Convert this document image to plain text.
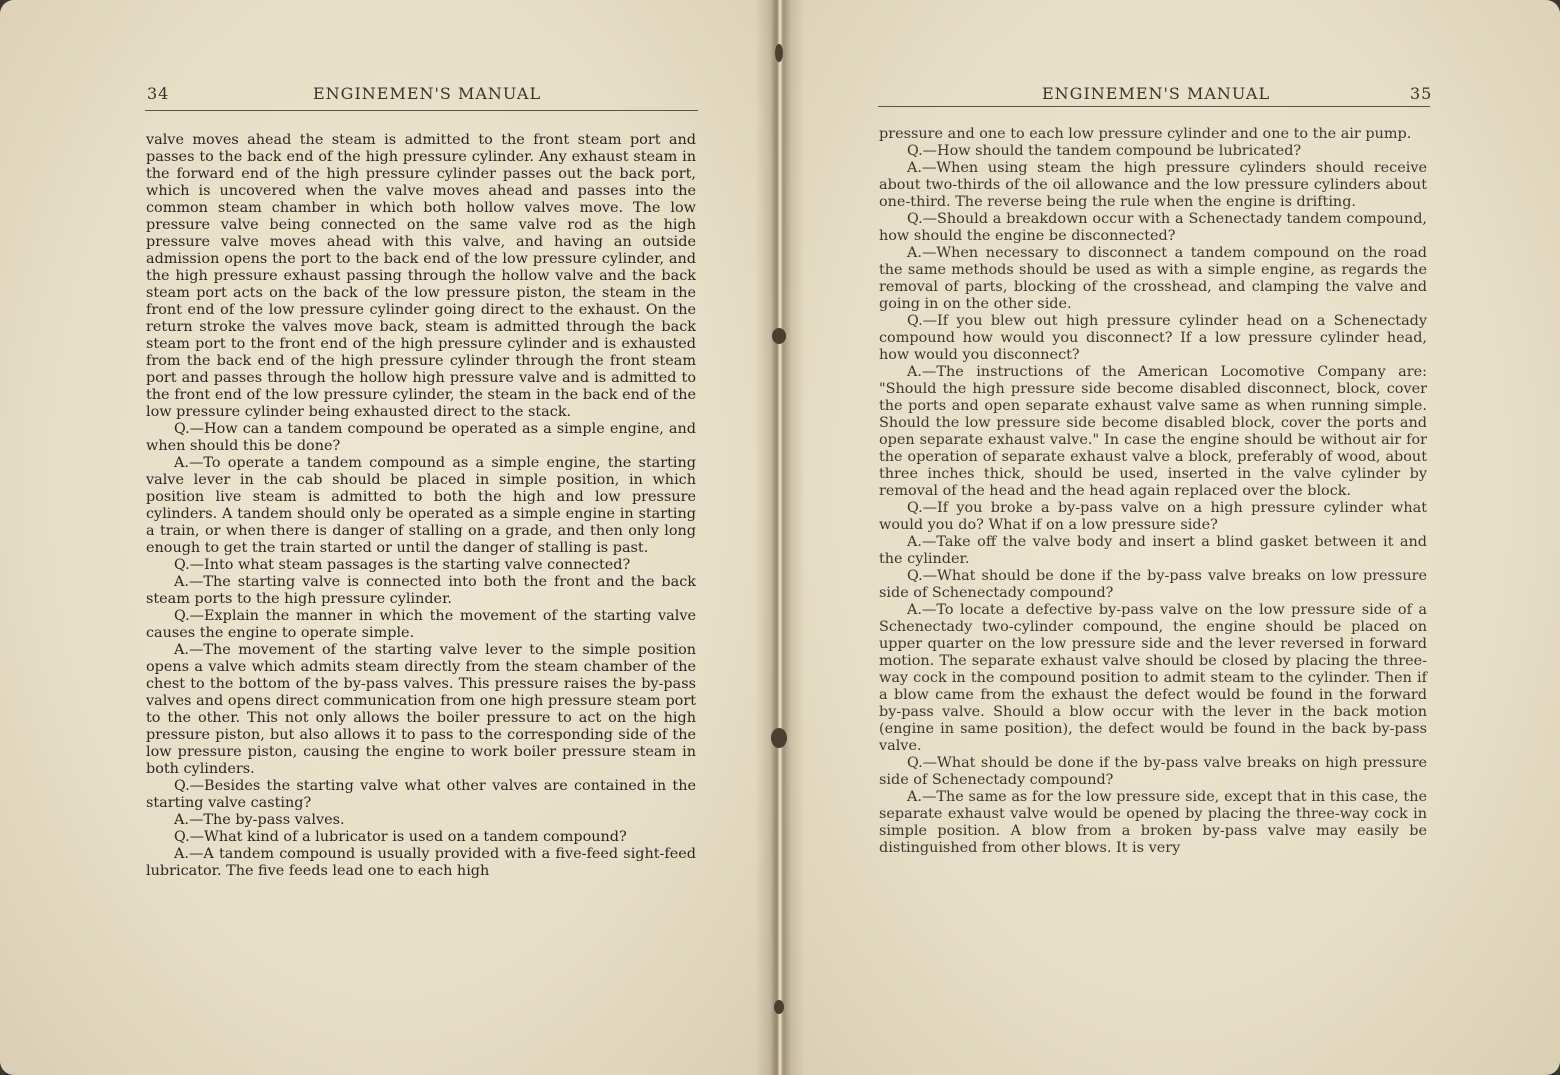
34	ENGINEMEN'S MANUAL

valve moves ahead the steam is admitted to the front steam port and passes to the back end of the high pressure cylinder. Any exhaust steam in the forward end of the high pressure cylinder passes out the back port, which is uncovered when the valve moves ahead and passes into the common steam chamber in which both hollow valves move. The low pressure valve being connected on the same valve rod as the high pressure valve moves ahead with this valve, and having an outside admission opens the port to the back end of the low pressure cylinder, and the high pressure exhaust passing through the hollow valve and the back steam port acts on the back of the low pressure piston, the steam in the front end of the low pressure cylinder going direct to the exhaust. On the return stroke the valves move back, steam is admitted through the back steam port to the front end of the high pressure cylinder and is exhausted from the back end of the high pressure cylinder through the front steam port and passes through the hollow high pressure valve and is admitted to the front end of the low pressure cylinder, the steam in the back end of the low pressure cylinder being exhausted direct to the stack.

Q.—How can a tandem compound be operated as a simple engine, and when should this be done?

A.—To operate a tandem compound as a simple engine, the starting valve lever in the cab should be placed in simple position, in which position live steam is admitted to both the high and low pressure cylinders. A tandem should only be operated as a simple engine in starting a train, or when there is danger of stalling on a grade, and then only long enough to get the train started or until the danger of stalling is past.

Q.—Into what steam passages is the starting valve connected?

A.—The starting valve is connected into both the front and the back steam ports to the high pressure cylinder.

Q.—Explain the manner in which the movement of the starting valve causes the engine to operate simple.

A.—The movement of the starting valve lever to the simple position opens a valve which admits steam directly from the steam chamber of the chest to the bottom of the by-pass valves. This pressure raises the by-pass valves and opens direct communication from one high pressure steam port to the other. This not only allows the boiler pressure to act on the high pressure piston, but also allows it to pass to the corresponding side of the low pressure piston, causing the engine to work boiler pressure steam in both cylinders.

Q.—Besides the starting valve what other valves are contained in the starting valve casting?

A.—The by-pass valves.

Q.—What kind of a lubricator is used on a tandem compound?

A.—A tandem compound is usually provided with a five-feed sight-feed lubricator. The five feeds lead one to each high

ENGINEMEN'S MANUAL	35

pressure and one to each low pressure cylinder and one to the air pump.

Q.—How should the tandem compound be lubricated?

A.—When using steam the high pressure cylinders should receive about two-thirds of the oil allowance and the low pressure cylinders about one-third. The reverse being the rule when the engine is drifting.

Q.—Should a breakdown occur with a Schenectady tandem compound, how should the engine be disconnected?

A.—When necessary to disconnect a tandem compound on the road the same methods should be used as with a simple engine, as regards the removal of parts, blocking of the crosshead, and clamping the valve and going in on the other side.

Q.—If you blew out high pressure cylinder head on a Schenectady compound how would you disconnect? If a low pressure cylinder head, how would you disconnect?

A.—The instructions of the American Locomotive Company are: "Should the high pressure side become disabled disconnect, block, cover the ports and open separate exhaust valve same as when running simple. Should the low pressure side become disabled block, cover the ports and open separate exhaust valve." In case the engine should be without air for the operation of separate exhaust valve a block, preferably of wood, about three inches thick, should be used, inserted in the valve cylinder by removal of the head and the head again replaced over the block.

Q.—If you broke a by-pass valve on a high pressure cylinder what would you do? What if on a low pressure side?

A.—Take off the valve body and insert a blind gasket between it and the cylinder.

Q.—What should be done if the by-pass valve breaks on low pressure side of Schenectady compound?

A.—To locate a defective by-pass valve on the low pressure side of a Schenectady two-cylinder compound, the engine should be placed on upper quarter on the low pressure side and the lever reversed in forward motion. The separate exhaust valve should be closed by placing the three-way cock in the compound position to admit steam to the cylinder. Then if a blow came from the exhaust the defect would be found in the forward by-pass valve. Should a blow occur with the lever in the back motion (engine in same position), the defect would be found in the back by-pass valve.

Q.—What should be done if the by-pass valve breaks on high pressure side of Schenectady compound?

A.—The same as for the low pressure side, except that in this case, the separate exhaust valve would be opened by placing the three-way cock in simple position. A blow from a broken by-pass valve may easily be distinguished from other blows. It is very
